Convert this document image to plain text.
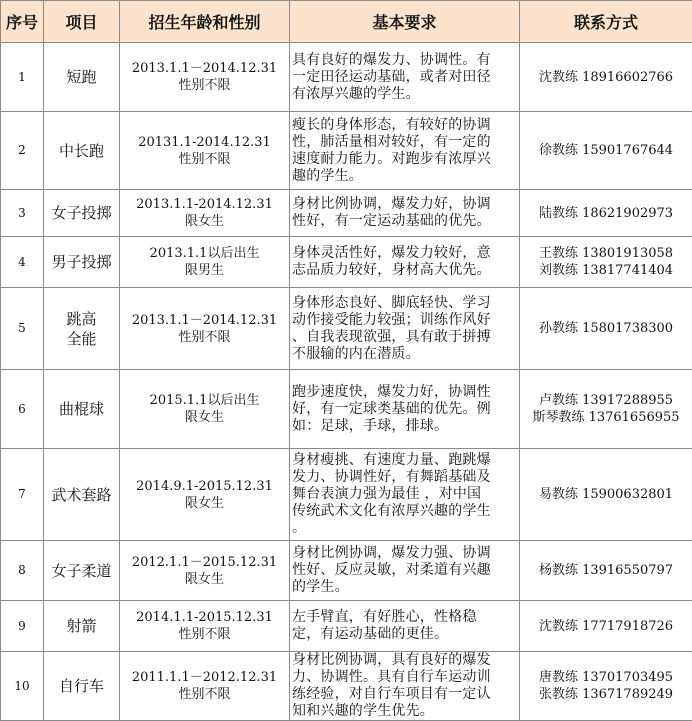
序号	项目	招生年龄和性别	基本要求	联系方式
1	短跑	2013.1.1－2014.12.31
性别不限	具有良好的爆发力、协调性。有
一定田径运动基础，或者对田径
有浓厚兴趣的学生。	沈教练 18916602766

2	中长跑	20131.1-2014.12.31
性别不限	瘦长的身体形态，有较好的协调
性，肺活量相对较好，有一定的
速度耐力能力。对跑步有浓厚兴
趣的学生。	徐教练 15901767644

3	女子投掷	2013.1.1-2014.12.31
限女生	身材比例协调，爆发力好，协调
性好，有一定运动基础的优先。	陆教练 18621902973

4	男子投掷	2013.1.1以后出生
限男生	身体灵活性好，爆发力较好，意
志品质力较好，身材高大优先。	王教练 13801913058
刘教练 13817741404

5	跳高
全能	2013.1.1－2014.12.31
性别不限	身体形态良好、脚底轻快、学习
动作接受能力较强；训练作风好
、自我表现欲强，具有敢于拼搏
不服输的内在潜质。	孙教练 15801738300

6	曲棍球	2015.1.1以后出生
限女生	跑步速度快，爆发力好，协调性
好，有一定球类基础的优先。例
如：足球，手球，排球。	卢教练 13917288955
斯琴教练 13761656955

7	武术套路	2014.9.1-2015.12.31
限女生	身材瘦挑、有速度力量、跑跳爆
发力、协调性好，有舞蹈基础及
舞台表演力强为最佳 ，对中国
传统武术文化有浓厚兴趣的学生
。	易教练 15900632801

8	女子柔道	2012.1.1－2015.12.31
限女生	身材比例协调，爆发力强、协调
性好、反应灵敏，对柔道有兴趣
的学生。	杨教练 13916550797

9	射箭	2014.1.1-2015.12.31
性别不限	左手臂直，有好胜心，性格稳
定，有运动基础的更佳。	沈教练 17717918726

10	自行车	2011.1.1－2012.12.31
性别不限	身材比例协调，具有良好的爆发
力、协调性。具有自行车运动训
练经验，对自行车项目有一定认
知和兴趣的学生优先。	唐教练 13701703495
张教练 13671789249
